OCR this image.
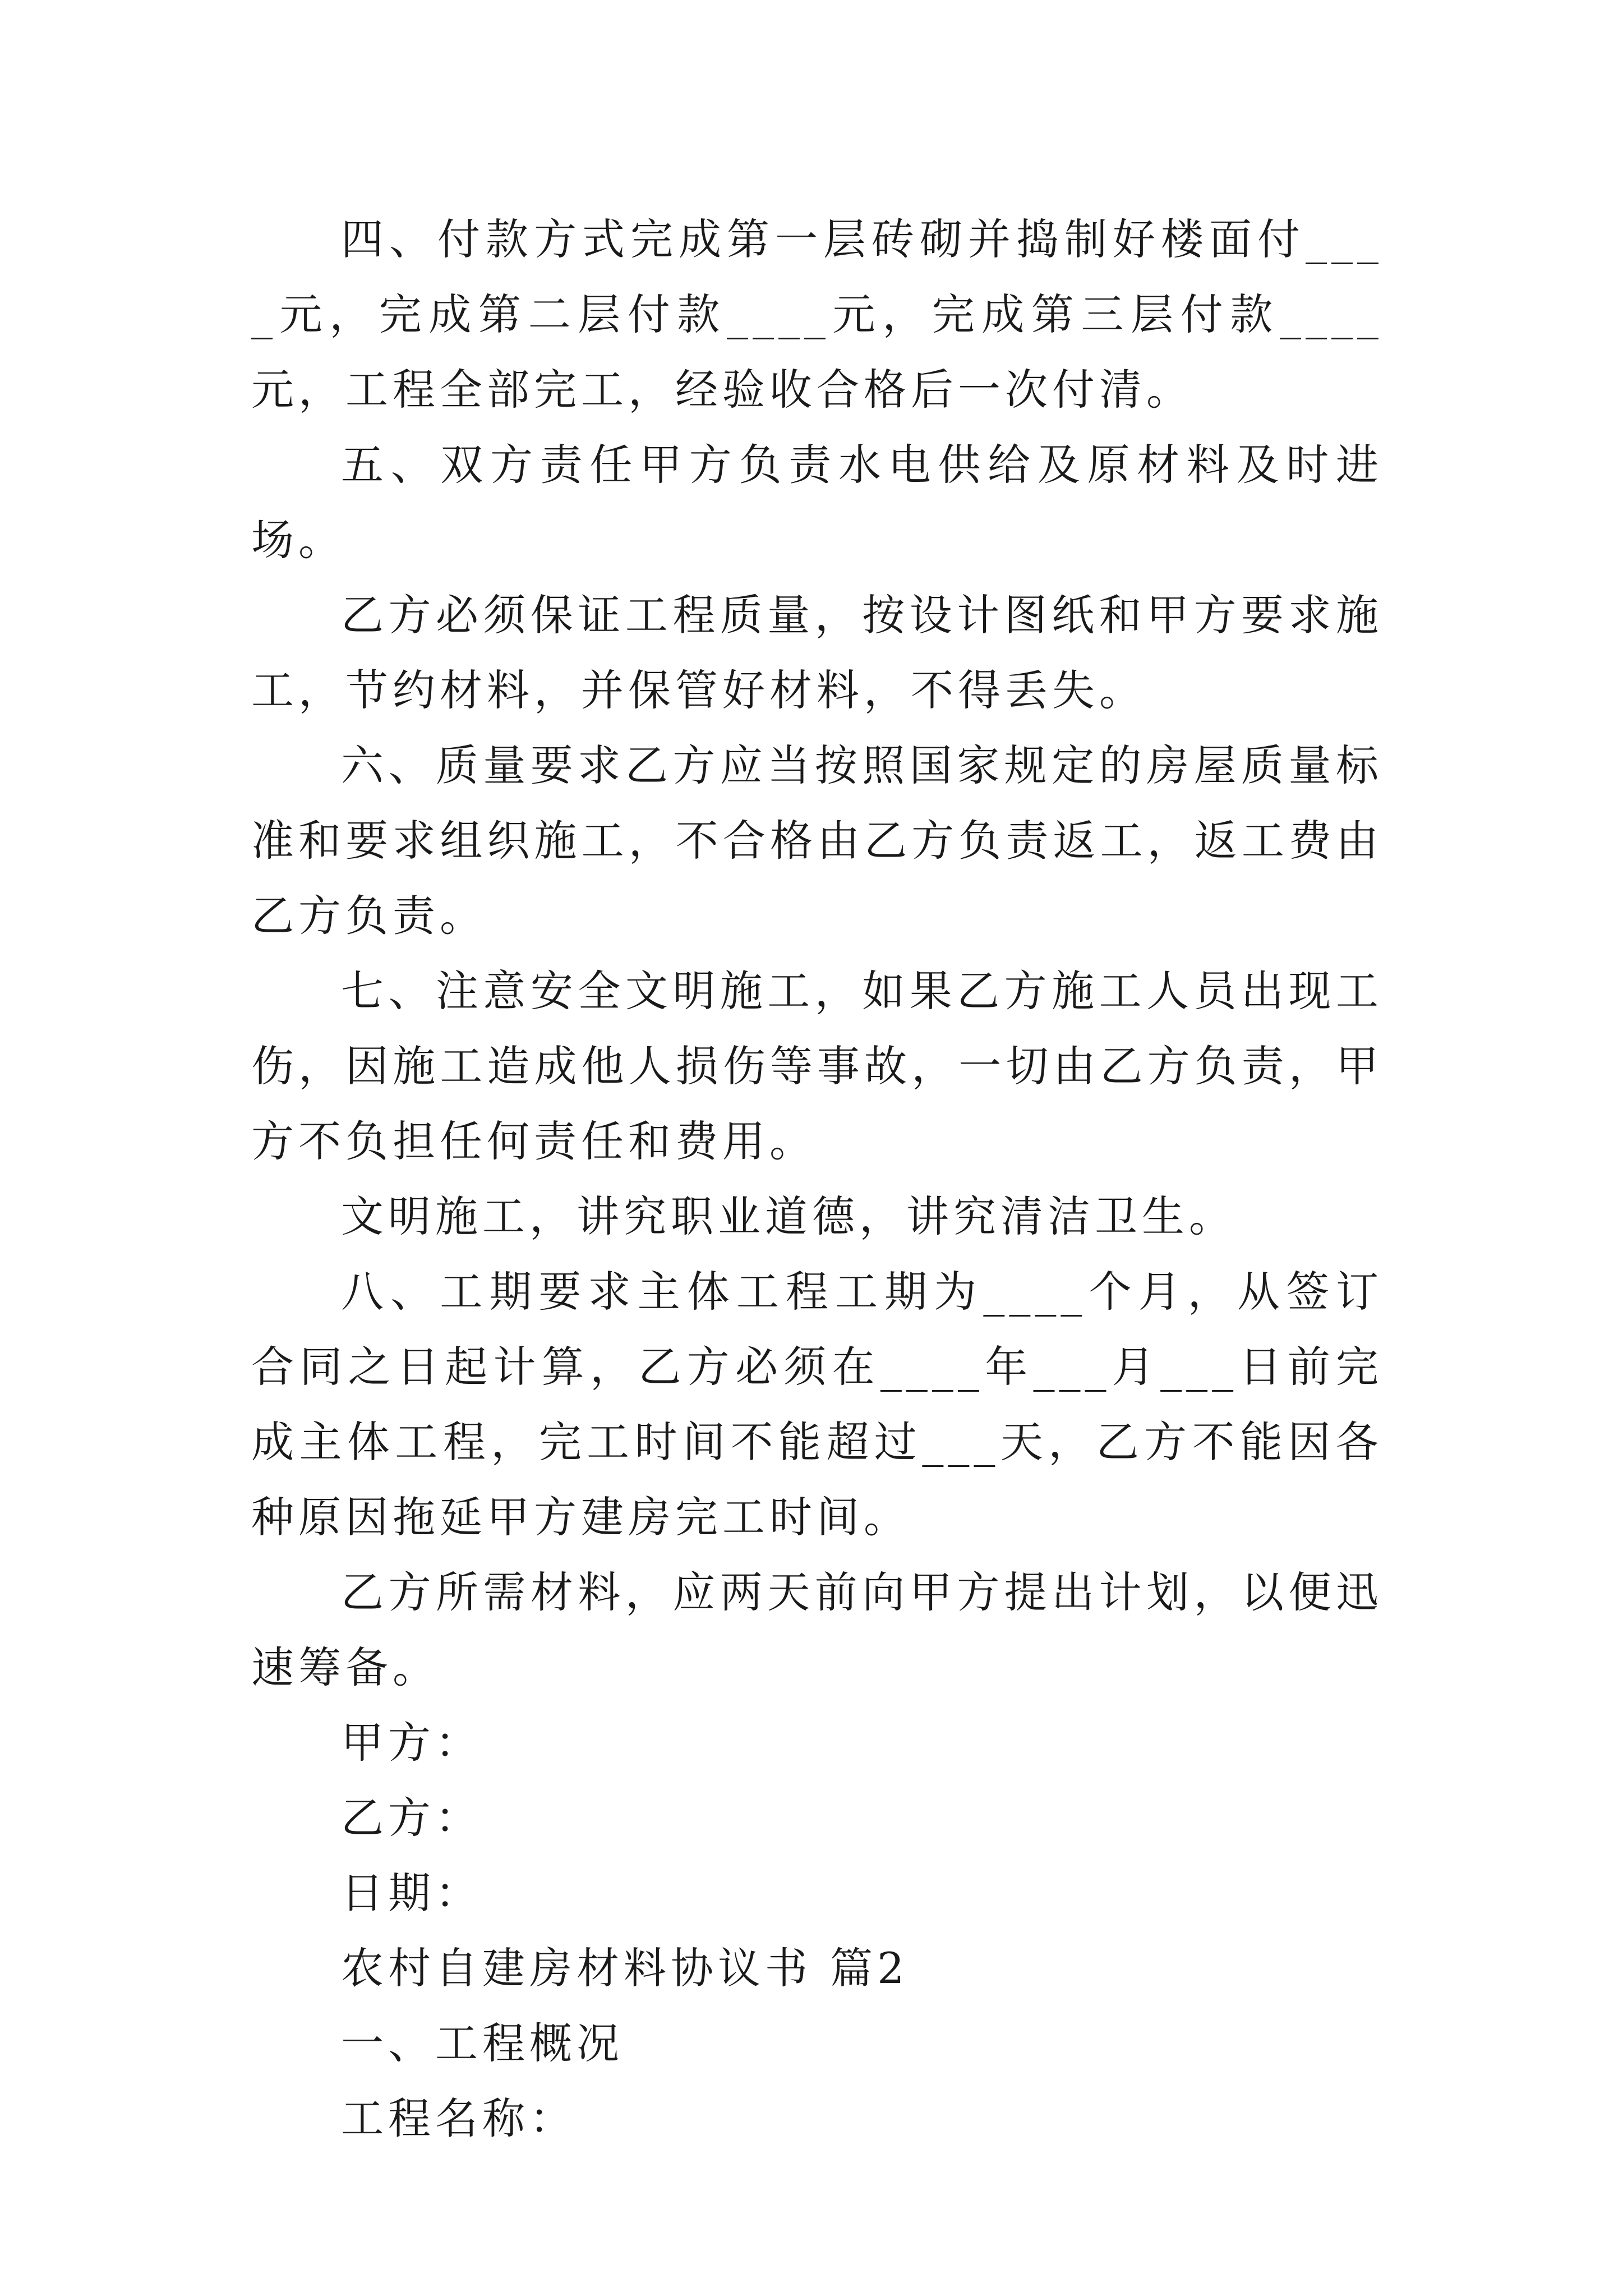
四、付款方式完成第一层砖砌并捣制好楼面付____元，完成第二层付款____元，完成第三层付款____元，工程全部完工，经验收合格后一次付清。

五、双方责任甲方负责水电供给及原材料及时进场。

乙方必须保证工程质量，按设计图纸和甲方要求施工，节约材料，并保管好材料，不得丢失。

六、质量要求乙方应当按照国家规定的房屋质量标准和要求组织施工，不合格由乙方负责返工，返工费由乙方负责。

七、注意安全文明施工，如果乙方施工人员出现工伤，因施工造成他人损伤等事故，一切由乙方负责，甲方不负担任何责任和费用。

文明施工，讲究职业道德，讲究清洁卫生。

八、工期要求主体工程工期为____个月，从签订合同之日起计算，乙方必须在____年___月___日前完成主体工程，完工时间不能超过___天，乙方不能因各种原因拖延甲方建房完工时间。

乙方所需材料，应两天前向甲方提出计划，以便迅速筹备。

甲方：

乙方：

日期：

农村自建房材料协议书 篇2

一、工程概况

工程名称：
